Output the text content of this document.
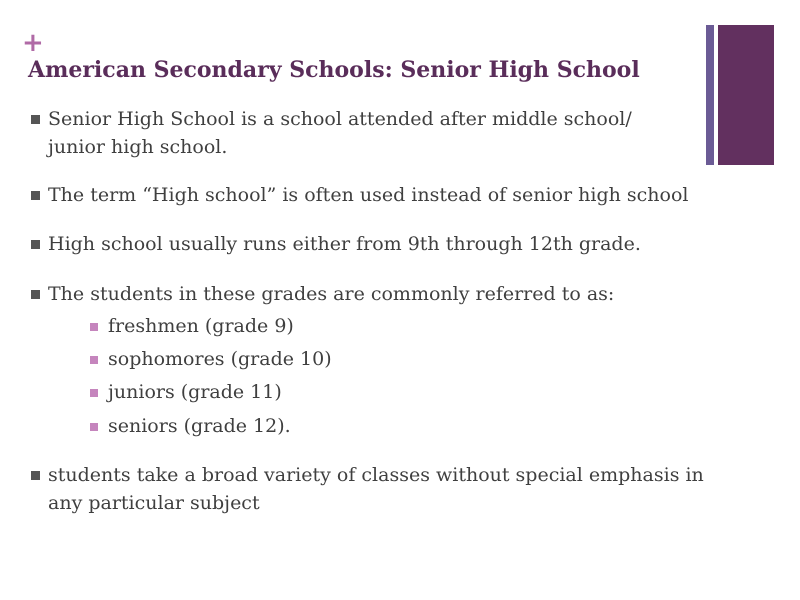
+
American Secondary Schools: Senior High School
Senior High School is a school attended after middle school/ junior high school.
The term “High school” is often used instead of senior high school
High school usually runs either from 9th through 12th grade.
The students in these grades are commonly referred to as:
freshmen (grade 9)
sophomores (grade 10)
juniors (grade 11)
seniors (grade 12).
students take a broad variety of classes without special emphasis in any particular subject
